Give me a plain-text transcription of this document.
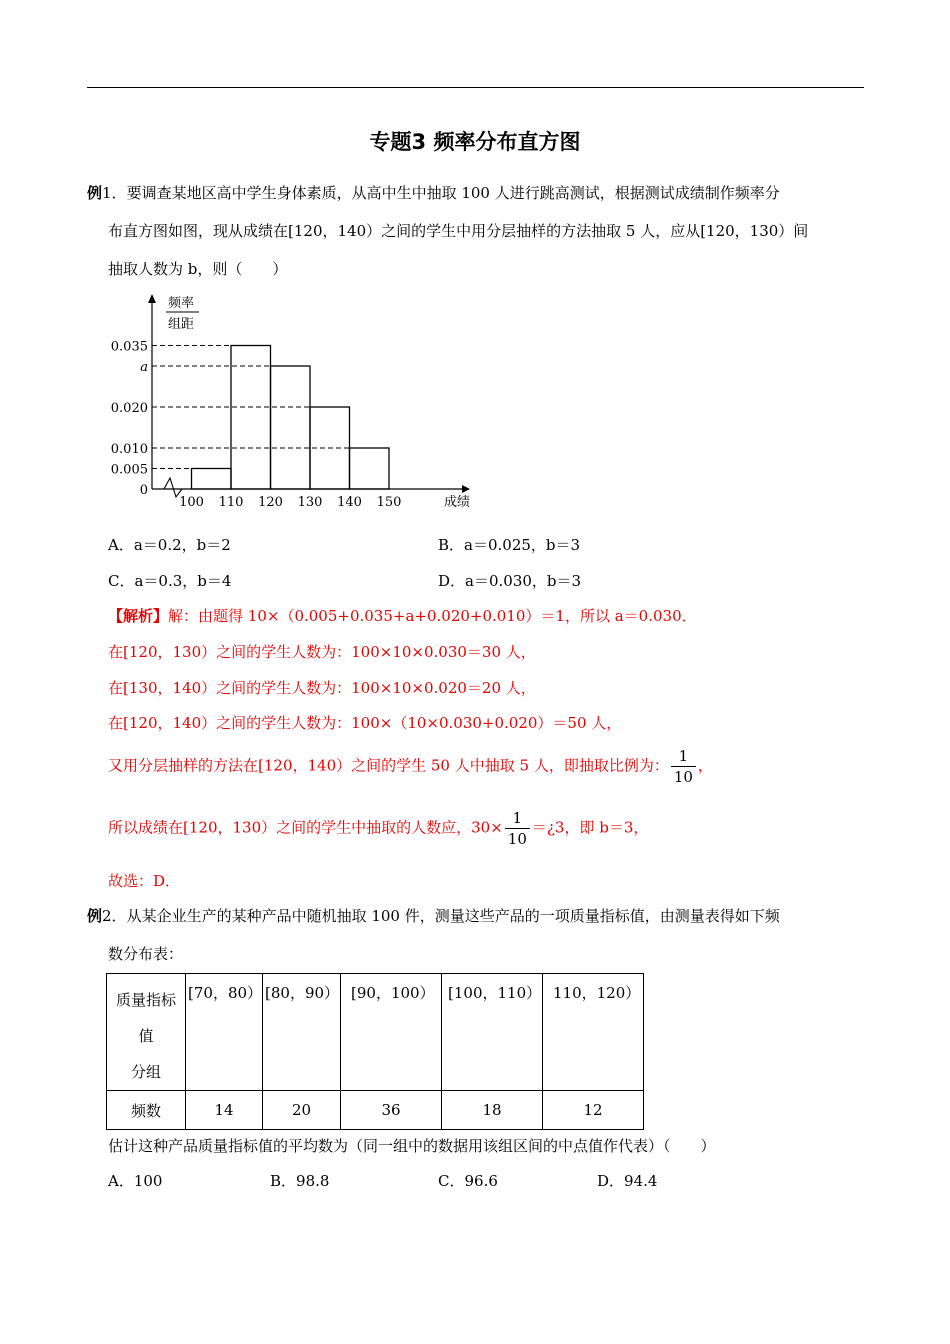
专题3 频率分布直方图
例1．要调查某地区高中学生身体素质，从高中生中抽取 100 人进行跳高测试，根据测试成绩制作频率分
布直方图如图，现从成绩在[120，140）之间的学生中用分层抽样的方法抽取 5 人，应从[120，130）间
抽取人数为 b，则（　　）
0.035
a
0.020
0.010
0.005
0
100 110 120 130 140 150	成绩
频率
组距
A．a＝0.2，b＝2	B．a＝0.025，b＝3
C．a＝0.3，b＝4	D．a＝0.030，b＝3
【解析】解：由题得 10×（0.005+0.035+a+0.020+0.010）＝1，所以 a＝0.030．
在[120，130）之间的学生人数为：100×10×0.030＝30 人，
在[130，140）之间的学生人数为：100×10×0.020＝20 人，
在[120，140）之间的学生人数为：100×（10×0.030+0.020）＝50 人，
又用分层抽样的方法在[120，140）之间的学生 50 人中抽取 5 人，即抽取比例为： $\frac{1}{10}$ ，
所以成绩在[120，130）之间的学生中抽取的人数应，$30\times \frac{1}{10}$ ＝¿3，即 b＝3，
故选：D．
例2．从某企业生产的某种产品中随机抽取 100 件，测量这些产品的一项质量指标值，由测量表得如下频
数分布表：
质量指标
值
分组	[70，80）	[80，90）	[90，100）	[100，110）	110，120）

频数	14	20	36	18	12
估计这种产品质量指标值的平均数为（同一组中的数据用该组区间的中点值作代表）（　　）
A．100	B．98.8	C．96.6	D．94.4
